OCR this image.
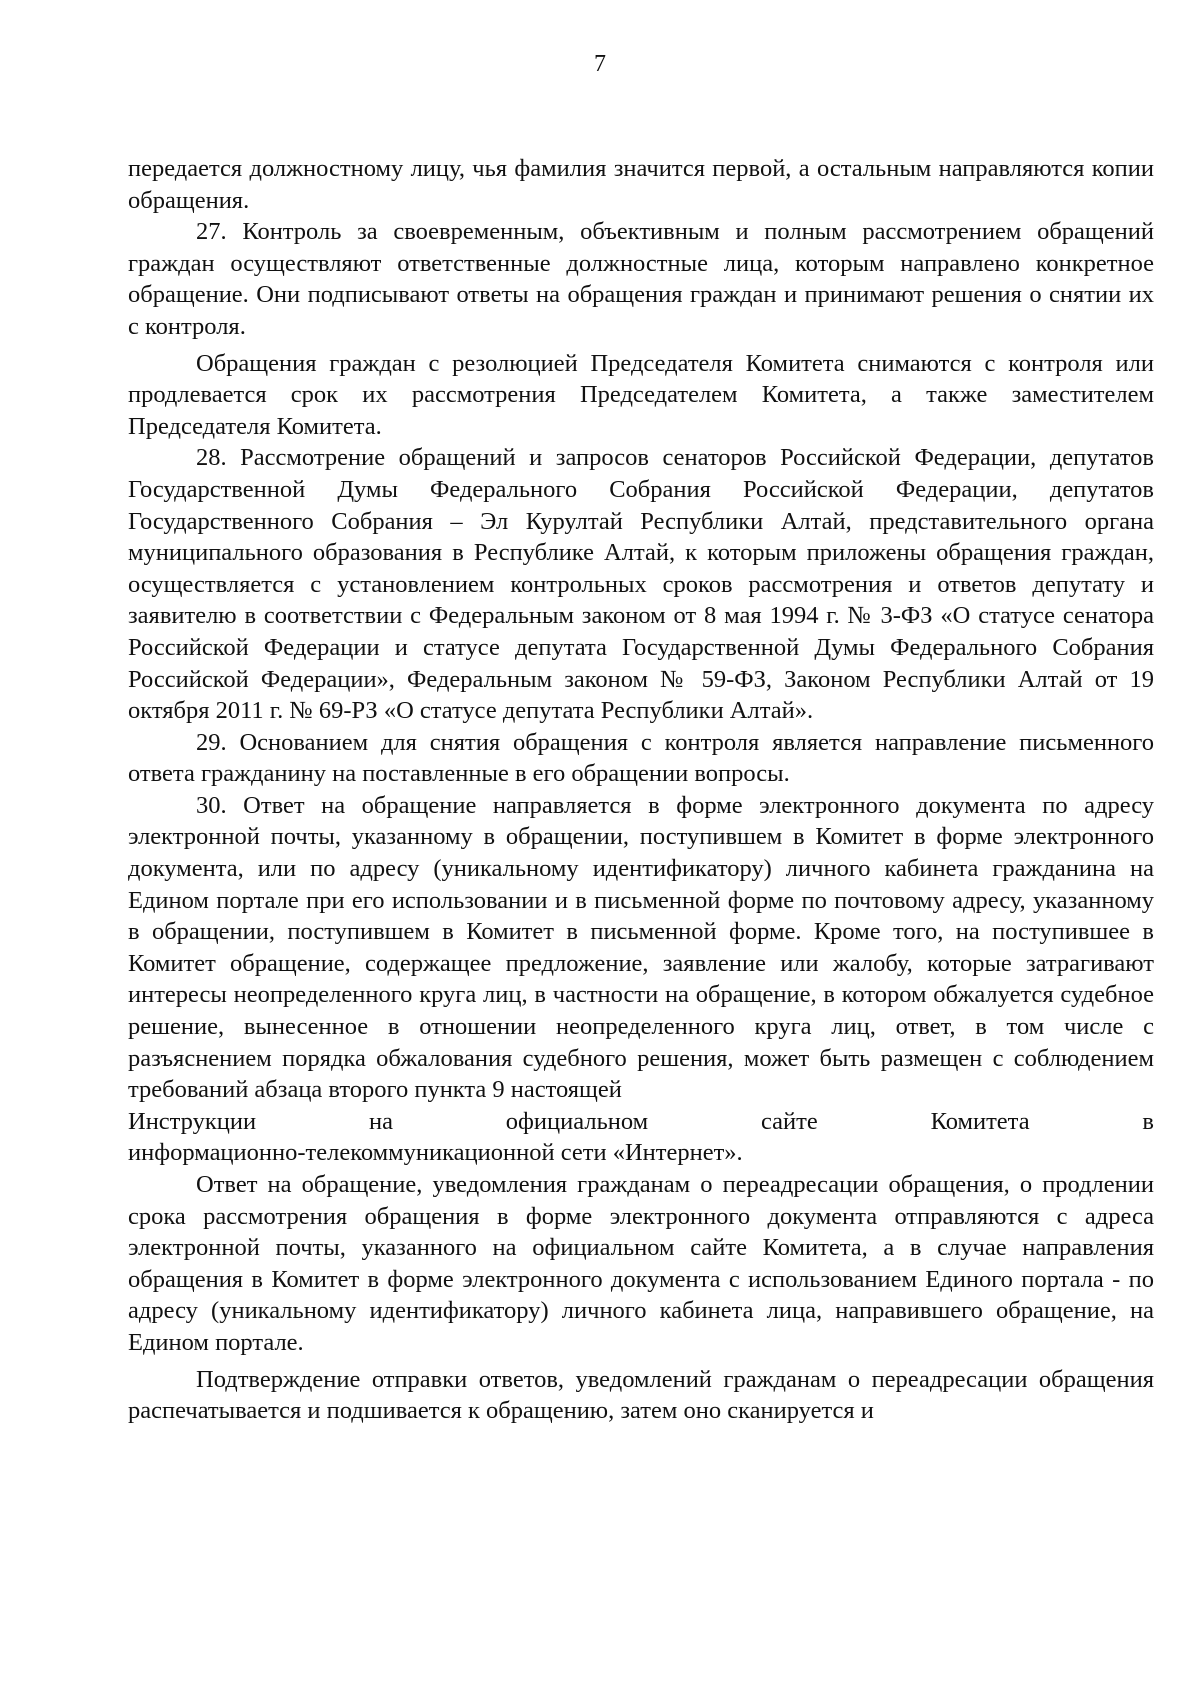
7

передается должностному лицу, чья фамилия значится первой, а остальным направляются копии обращения.

27. Контроль за своевременным, объективным и полным рассмотрением обращений граждан осуществляют ответственные должностные лица, которым направлено конкретное обращение. Они подписывают ответы на обращения граждан и принимают решения о снятии их с контроля.

Обращения граждан с резолюцией Председателя Комитета снимаются с контроля или продлевается срок их рассмотрения Председателем Комитета, а также заместителем Председателя Комитета.

28. Рассмотрение обращений и запросов сенаторов Российской Федерации, депутатов Государственной Думы Федерального Собрания Российской Федерации, депутатов Государственного Собрания – Эл Курултай Республики Алтай, представительного органа муниципального образования в Республике Алтай, к которым приложены обращения граждан, осуществляется с установлением контрольных сроков рассмотрения и ответов депутату и заявителю в соответствии с Федеральным законом от 8 мая 1994 г. № 3-ФЗ «О статусе сенатора Российской Федерации и статусе депутата Государственной Думы Федерального Собрания Российской Федерации», Федеральным законом № 59-ФЗ, Законом Республики Алтай от 19 октября 2011 г. № 69-РЗ «О статусе депутата Республики Алтай».

29. Основанием для снятия обращения с контроля является направление письменного ответа гражданину на поставленные в его обращении вопросы.

30. Ответ на обращение направляется в форме электронного документа по адресу электронной почты, указанному в обращении, поступившем в Комитет в форме электронного документа, или по адресу (уникальному идентификатору) личного кабинета гражданина на Едином портале при его использовании и в письменной форме по почтовому адресу, указанному в обращении, поступившем в Комитет в письменной форме. Кроме того, на поступившее в Комитет обращение, содержащее предложение, заявление или жалобу, которые затрагивают интересы неопределенного круга лиц, в частности на обращение, в котором обжалуется судебное решение, вынесенное в отношении неопределенного круга лиц, ответ, в том числе с разъяснением порядка обжалования судебного решения, может быть размещен с соблюдением требований абзаца второго пункта 9 настоящей

Инструкции на официальном сайте Комитета в

информационно-телекоммуникационной сети «Интернет».

Ответ на обращение, уведомления гражданам о переадресации обращения, о продлении срока рассмотрения обращения в форме электронного документа отправляются с адреса электронной почты, указанного на официальном сайте Комитета, а в случае направления обращения в Комитет в форме электронного документа с использованием Единого портала - по адресу (уникальному идентификатору) личного кабинета лица, направившего обращение, на Едином портале.

Подтверждение отправки ответов, уведомлений гражданам о переадресации обращения распечатывается и подшивается к обращению, затем оно сканируется и
